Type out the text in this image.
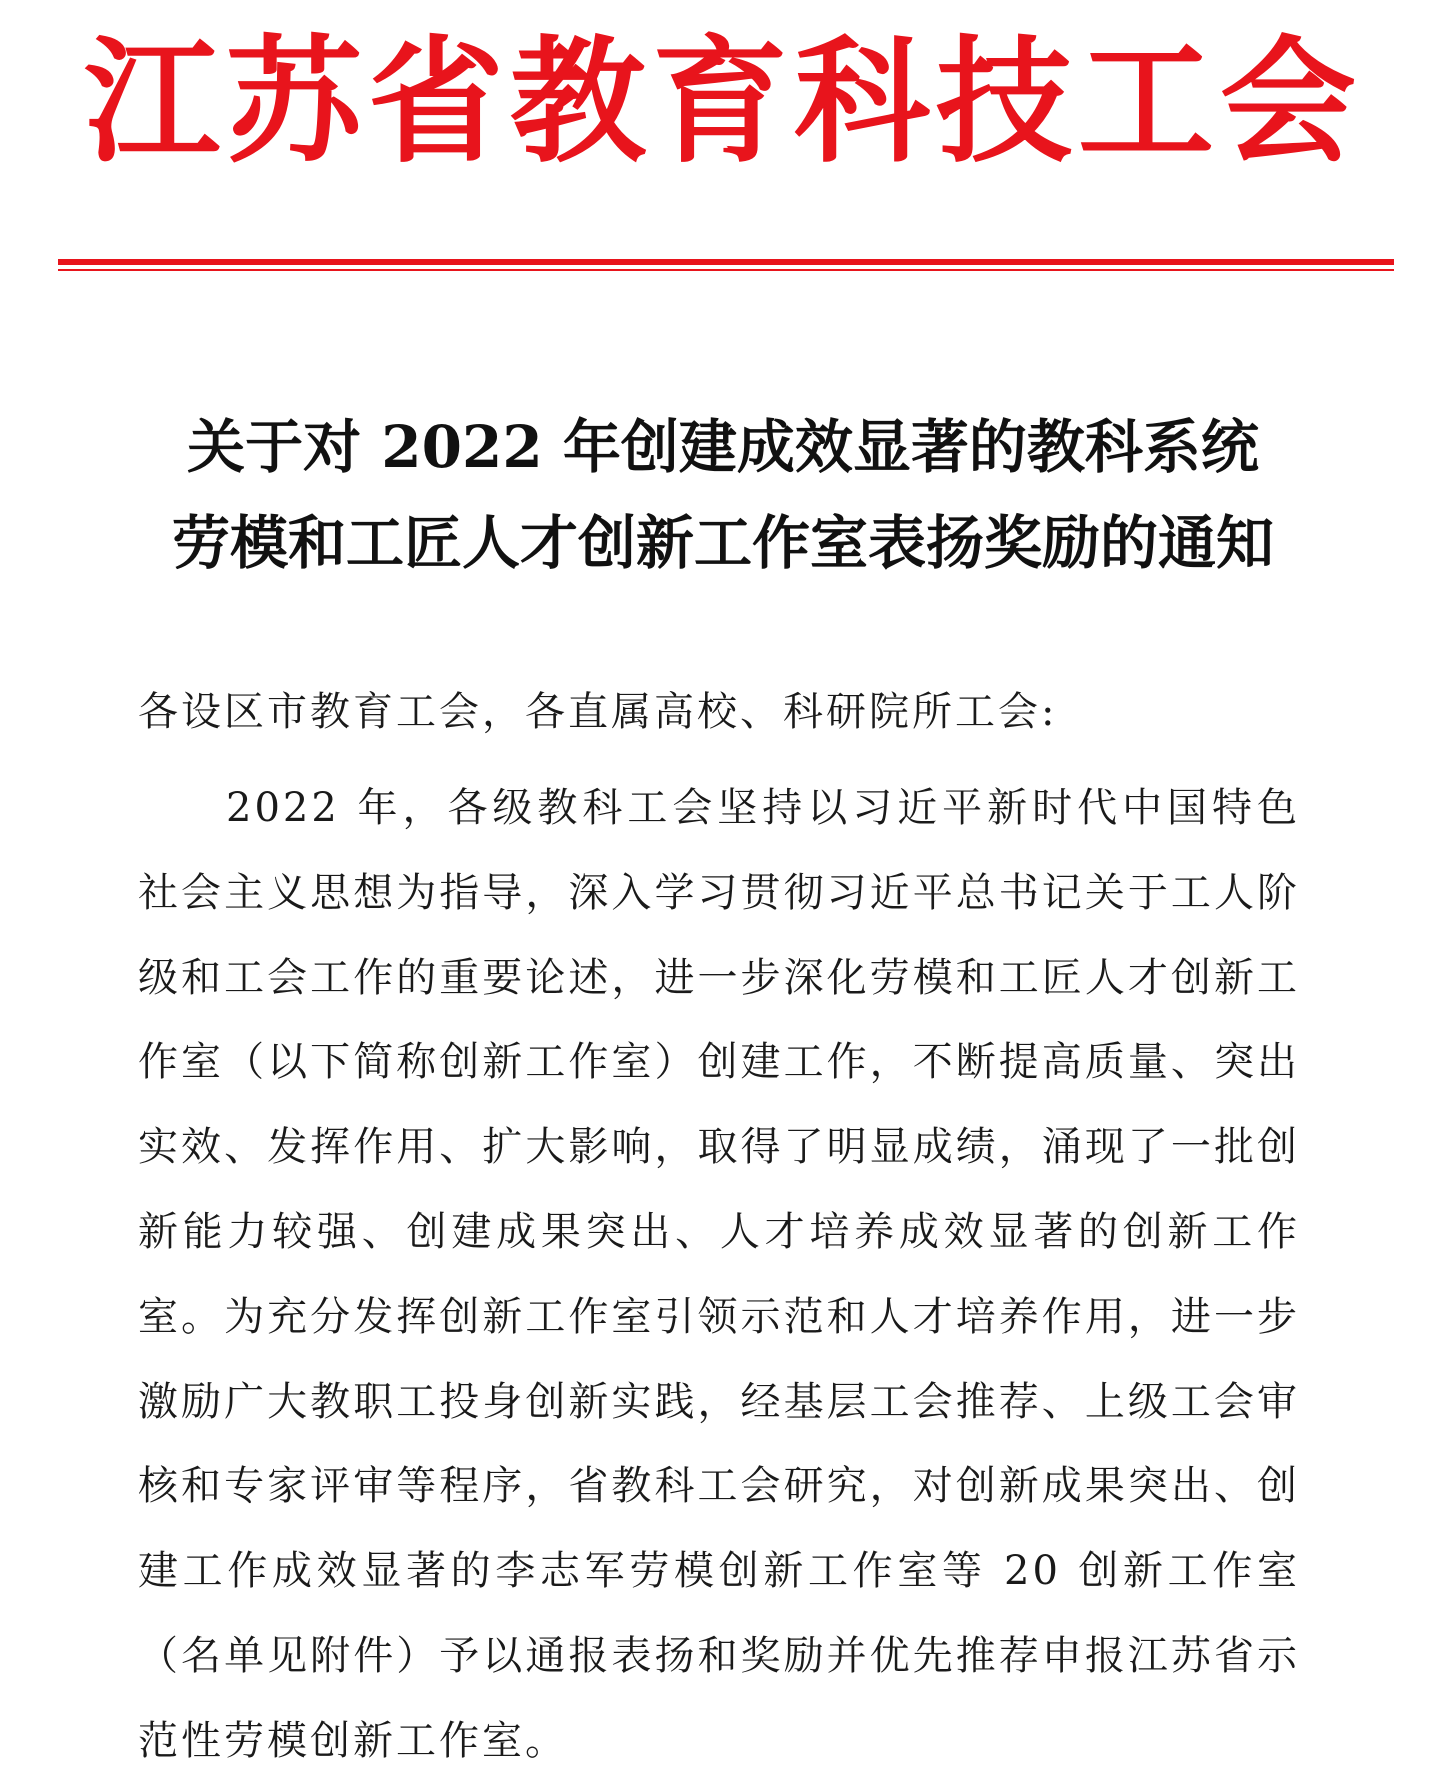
江苏省教育科技工会
关于对 2022 年创建成效显著的教科系统
劳模和工匠人才创新工作室表扬奖励的通知
各设区市教育工会，各直属高校、科研院所工会:
2022 年，各级教科工会坚持以习近平新时代中国特色社会主义思想为指导，深入学习贯彻习近平总书记关于工人阶级和工会工作的重要论述，进一步深化劳模和工匠人才创新工作室（以下简称创新工作室）创建工作，不断提高质量、突出实效、发挥作用、扩大影响，取得了明显成绩，涌现了一批创新能力较强、创建成果突出、人才培养成效显著的创新工作室。为充分发挥创新工作室引领示范和人才培养作用，进一步激励广大教职工投身创新实践，经基层工会推荐、上级工会审核和专家评审等程序，省教科工会研究，对创新成果突出、创建工作成效显著的李志军劳模创新工作室等 20 创新工作室（名单见附件）予以通报表扬和奖励并优先推荐申报江苏省示范性劳模创新工作室。
